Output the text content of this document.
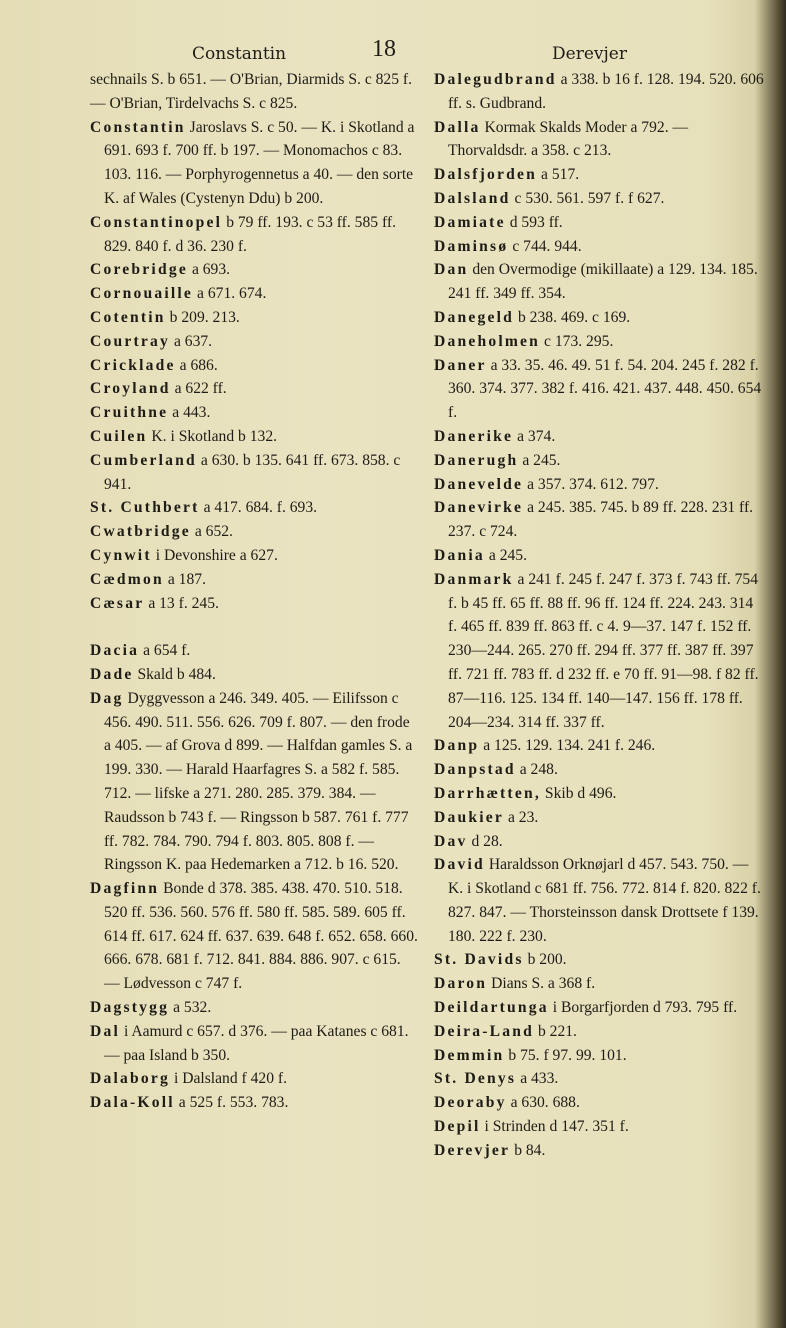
Constantin	18	Derevjer
sechnails S. b 651. — O'Brian, Diarmids S. c 825 f. — O'Brian, Tirdelvachs S. c 825.
Constantin Jaroslavs S. c 50. — K. i Skotland a 691. 693 f. 700 ff. b 197. — Monomachos c 83. 103. 116. — Porphyrogennetus a 40. — den sorte K. af Wales (Cystenyn Ddu) b 200.
Constantinopel b 79 ff. 193. c 53 ff. 585 ff. 829. 840 f. d 36. 230 f.
Corebridge a 693.
Cornouaille a 671. 674.
Cotentin b 209. 213.
Courtray a 637.
Cricklade a 686.
Croyland a 622 ff.
Cruithne a 443.
Cuilen K. i Skotland b 132.
Cumberland a 630. b 135. 641 ff. 673. 858. c 941.
St. Cuthbert a 417. 684. f. 693.
Cwatbridge a 652.
Cynwit i Devonshire a 627.
Cædmon a 187.
Cæsar a 13 f. 245.
Dacia a 654 f.
Dade Skald b 484.
Dag Dyggvesson a 246. 349. 405. — Eilifsson c 456. 490. 511. 556. 626. 709 f. 807. — den frode a 405. — af Grova d 899. — Halfdan gamles S. a 199. 330. — Harald Haarfagres S. a 582 f. 585. 712. — lifske a 271. 280. 285. 379. 384. — Raudsson b 743 f. — Ringsson b 587. 761 f. 777 ff. 782. 784. 790. 794 f. 803. 805. 808 f. — Ringsson K. paa Hedemarken a 712. b 16. 520.
Dagfinn Bonde d 378. 385. 438. 470. 510. 518. 520 ff. 536. 560. 576 ff. 580 ff. 585. 589. 605 ff. 614 ff. 617. 624 ff. 637. 639. 648 f. 652. 658. 660. 666. 678. 681 f. 712. 841. 884. 886. 907. c 615. — Lødvesson c 747 f.
Dagstygg a 532.
Dal i Aamurd c 657. d 376. — paa Katanes c 681. — paa Island b 350.
Dalaborg i Dalsland f 420 f.
Dala-Koll a 525 f. 553. 783.
Dalegudbrand a 338. b 16 f. 128. 194. 520. 606 ff. s. Gudbrand.
Dalla Kormak Skalds Moder a 792. — Thorvaldsdr. a 358. c 213.
Dalsfjorden a 517.
Dalsland c 530. 561. 597 f. f 627.
Damiate d 593 ff.
Daminsø c 744. 944.
Dan den Overmodige (mikillaate) a 129. 134. 185. 241 ff. 349 ff. 354.
Danegeld b 238. 469. c 169.
Daneholmen c 173. 295.
Daner a 33. 35. 46. 49. 51 f. 54. 204. 245 f. 282 f. 360. 374. 377. 382 f. 416. 421. 437. 448. 450. 654 f.
Danerike a 374.
Danerugh a 245.
Danevelde a 357. 374. 612. 797.
Danevirke a 245. 385. 745. b 89 ff. 228. 231 ff. 237. c 724.
Dania a 245.
Danmark a 241 f. 245 f. 247 f. 373 f. 743 ff. 754 f. b 45 ff. 65 ff. 88 ff. 96 ff. 124 ff. 224. 243. 314 f. 465 ff. 839 ff. 863 ff. c 4. 9—37. 147 f. 152 ff. 230—244. 265. 270 ff. 294 ff. 377 ff. 387 ff. 397 ff. 721 ff. 783 ff. d 232 ff. e 70 ff. 91—98. f 82 ff. 87—116. 125. 134 ff. 140—147. 156 ff. 178 ff. 204—234. 314 ff. 337 ff.
Danp a 125. 129. 134. 241 f. 246.
Danpstad a 248.
Darrhætten, Skib d 496.
Daukier a 23.
Dav d 28.
David Haraldsson Orknøjarl d 457. 543. 750. — K. i Skotland c 681 ff. 756. 772. 814 f. 820. 822 f. 827. 847. — Thorsteinsson dansk Drottsete f 139. 180. 222 f. 230.
St. Davids b 200.
Daron Dians S. a 368 f.
Deildartunga i Borgarfjorden d 793. 795 ff.
Deira-Land b 221.
Demmin b 75. f 97. 99. 101.
St. Denys a 433.
Deoraby a 630. 688.
Depil i Strinden d 147. 351 f.
Derevjer b 84.
